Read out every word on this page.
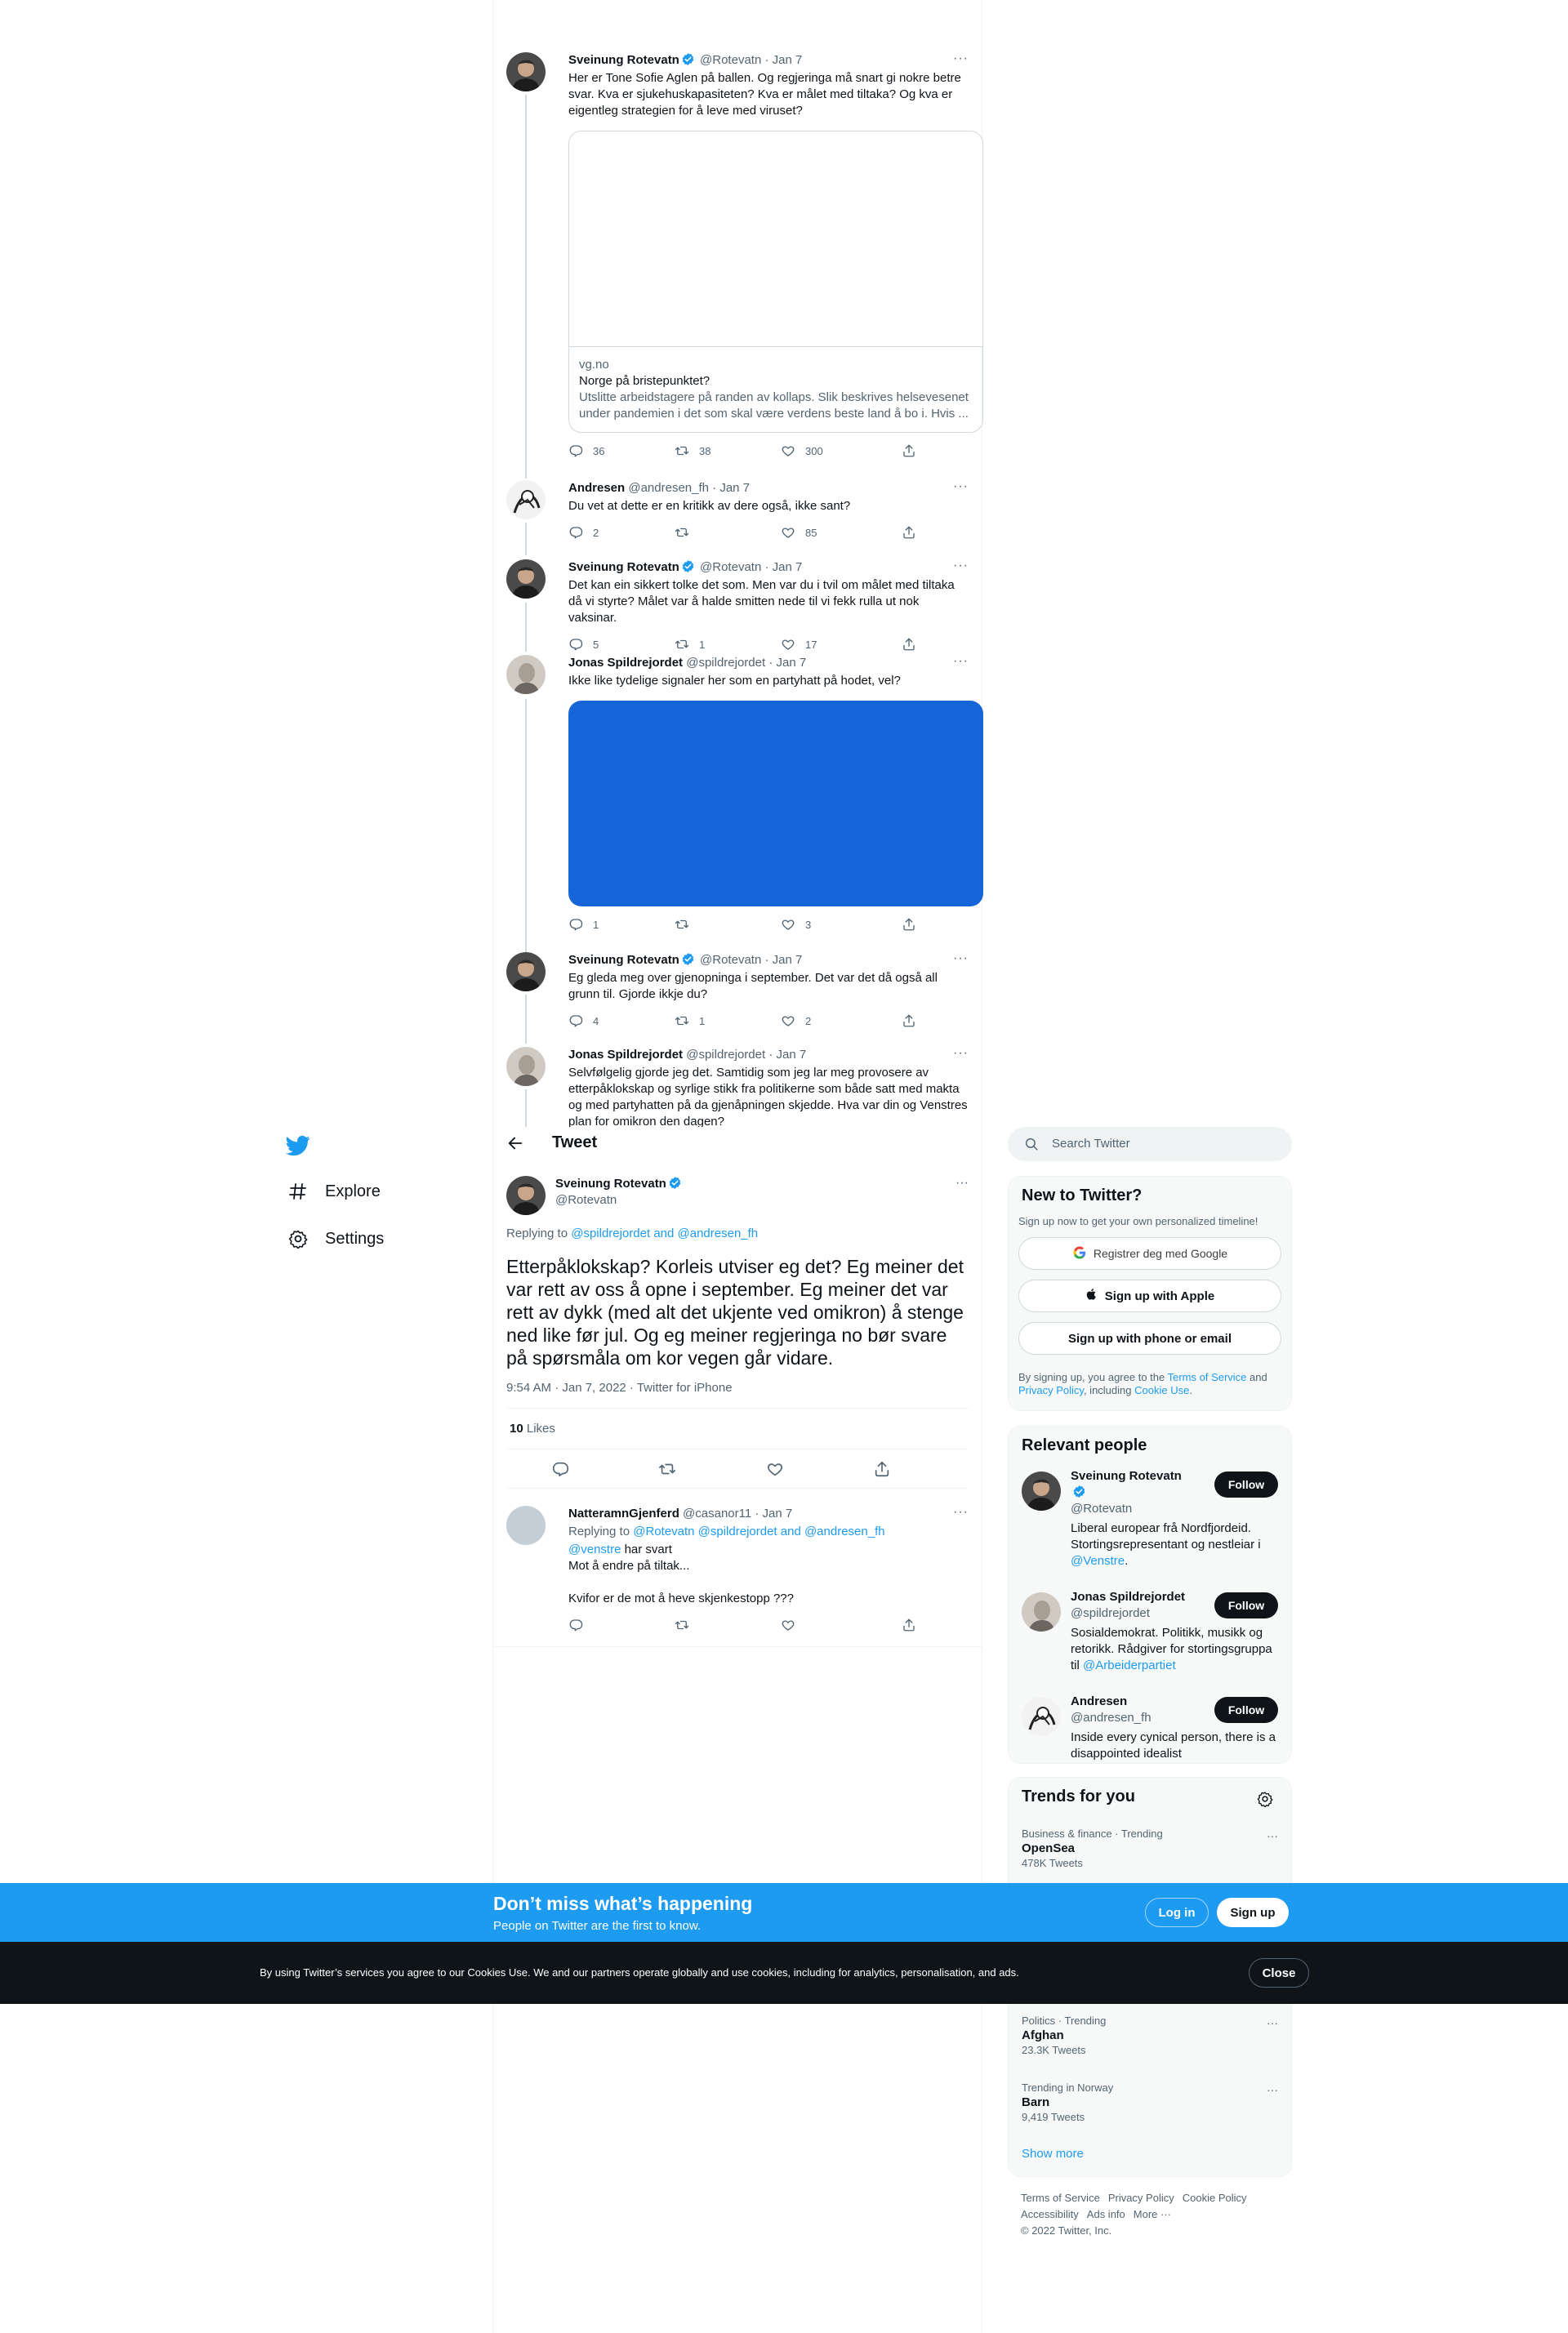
Sveinung Rotevatn @Rotevatn · Jan 7	···
Her er Tone Sofie Aglen på ballen. Og regjeringa må snart gi nokre betre svar. Kva er sjukehuskapasiteten? Kva er målet med tiltaka? Og kva er eigentleg strategien for å leve med viruset?
vg.no
Norge på bristepunktet?
Utslitte arbeidstagere på randen av kollaps. Slik beskrives helsevesenet under pandemien i det som skal være verdens beste land å bo i. Hvis ...
36	38	300
Andresen @andresen_fh · Jan 7	···
Du vet at dette er en kritikk av dere også, ikke sant?
2	85
Sveinung Rotevatn @Rotevatn · Jan 7	···
Det kan ein sikkert tolke det som. Men var du i tvil om målet med tiltaka då vi styrte? Målet var å halde smitten nede til vi fekk rulla ut nok vaksinar.
5	1	17
Jonas Spildrejordet @spildrejordet · Jan 7	···
Ikke like tydelige signaler her som en partyhatt på hodet, vel?
1	3
Sveinung Rotevatn @Rotevatn · Jan 7	···
Eg gleda meg over gjenopninga i september. Det var det då også all grunn til. Gjorde ikkje du?
4	1	2
Jonas Spildrejordet @spildrejordet · Jan 7	···
Selvfølgelig gjorde jeg det. Samtidig som jeg lar meg provosere av etterpåklokskap og syrlige stikk fra politikerne som både satt med makta og med partyhatten på da gjenåpningen skjedde. Hva var din og Venstres plan for omikron den dagen?
Explore
Settings
Tweet
Sveinung Rotevatn
@Rotevatn
···
Replying to @spildrejordet and @andresen_fh
Etterpåklokskap? Korleis utviser eg det? Eg meiner det var rett av oss å opne i september. Eg meiner det var rett av dykk (med alt det ukjente ved omikron) å stenge ned like før jul. Og eg meiner regjeringa no bør svare på spørsmåla om kor vegen går vidare.
9:54 AM · Jan 7, 2022 · Twitter for iPhone
10 Likes
NatteramnGjenferd @casanor11 · Jan 7	···
Replying to @Rotevatn @spildrejordet and @andresen_fh
@venstre har svart
Mot å endre på tiltak...
Kvifor er de mot å heve skjenkestopp ???
Search Twitter
New to Twitter?
Sign up now to get your own personalized timeline!
Registrer deg med Google
Sign up with Apple
Sign up with phone or email
By signing up, you agree to the Terms of Service and Privacy Policy, including Cookie Use.
Relevant people
Sveinung Rotevatn
@Rotevatn
Follow
Liberal europear frå Nordfjordeid. Stortingsrepresentant og nestleiar i @Venstre.
Jonas Spildrejordet
@spildrejordet
Follow
Sosialdemokrat. Politikk, musikk og retorikk. Rådgiver for stortingsgruppa til @Arbeiderpartiet
Andresen
@andresen_fh
Follow
Inside every cynical person, there is a disappointed idealist
Trends for you
Business & finance · Trending
OpenSea
478K Tweets
···
Politics · Trending
Afghan
23.3K Tweets
···
Trending in Norway
Barn
9,419 Tweets
···
Show more
Terms of Service Privacy Policy Cookie Policy
Accessibility Ads info More ···
© 2022 Twitter, Inc.
Don’t miss what’s happening
People on Twitter are the first to know.
Log in	Sign up
By using Twitter’s services you agree to our Cookies Use. We and our partners operate globally and use cookies, including for analytics, personalisation, and ads.	Close
